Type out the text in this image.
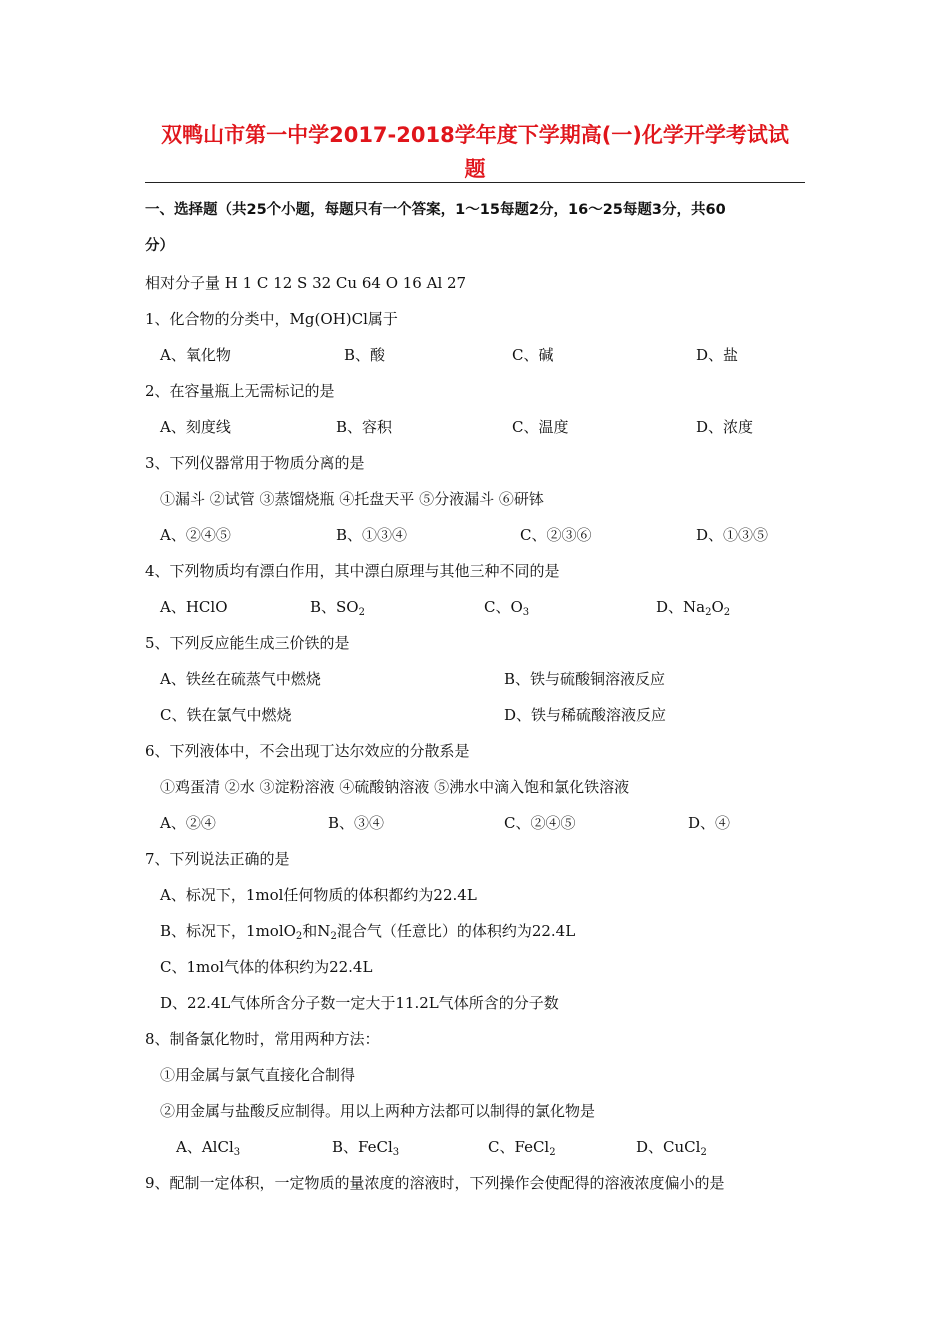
双鸭山市第一中学2017-2018学年度下学期高(一)化学开学考试试
题
一、选择题（共25个小题，每题只有一个答案，1～15每题2分，16～25每题3分，共60
分）
相对分子量 H 1 C 12 S 32 Cu 64 O 16 Al 27
1、化合物的分类中，Mg(OH)Cl属于
A、氧化物	B、酸	C、碱	D、盐
2、在容量瓶上无需标记的是
A、刻度线	B、容积	C、温度	D、浓度
3、下列仪器常用于物质分离的是
①漏斗 ②试管 ③蒸馏烧瓶 ④托盘天平 ⑤分液漏斗 ⑥研钵
A、②④⑤	B、①③④	C、②③⑥	D、①③⑤
4、下列物质均有漂白作用，其中漂白原理与其他三种不同的是
A、HClO	B、$SO_2$	C、$O_3$	D、$Na_2O_2$
5、下列反应能生成三价铁的是
A、铁丝在硫蒸气中燃烧	B、铁与硫酸铜溶液反应
C、铁在氯气中燃烧	D、铁与稀硫酸溶液反应
6、下列液体中，不会出现丁达尔效应的分散系是
①鸡蛋清 ②水 ③淀粉溶液 ④硫酸钠溶液 ⑤沸水中滴入饱和氯化铁溶液
A、②④	B、③④	C、②④⑤	D、④
7、下列说法正确的是
A、标况下，1mol任何物质的体积都约为22.4L
B、标况下，1molO$_2$和$N_2$混合气（任意比）的体积约为22.4L
C、1mol气体的体积约为22.4L
D、22.4L气体所含分子数一定大于11.2L气体所含的分子数
8、制备氯化物时，常用两种方法：
①用金属与氯气直接化合制得
②用金属与盐酸反应制得。用以上两种方法都可以制得的氯化物是
A、AlCl$_3$	B、FeCl$_3$	C、FeCl$_2$	D、CuCl$_2$
9、配制一定体积，一定物质的量浓度的溶液时，下列操作会使配得的溶液浓度偏小的是
